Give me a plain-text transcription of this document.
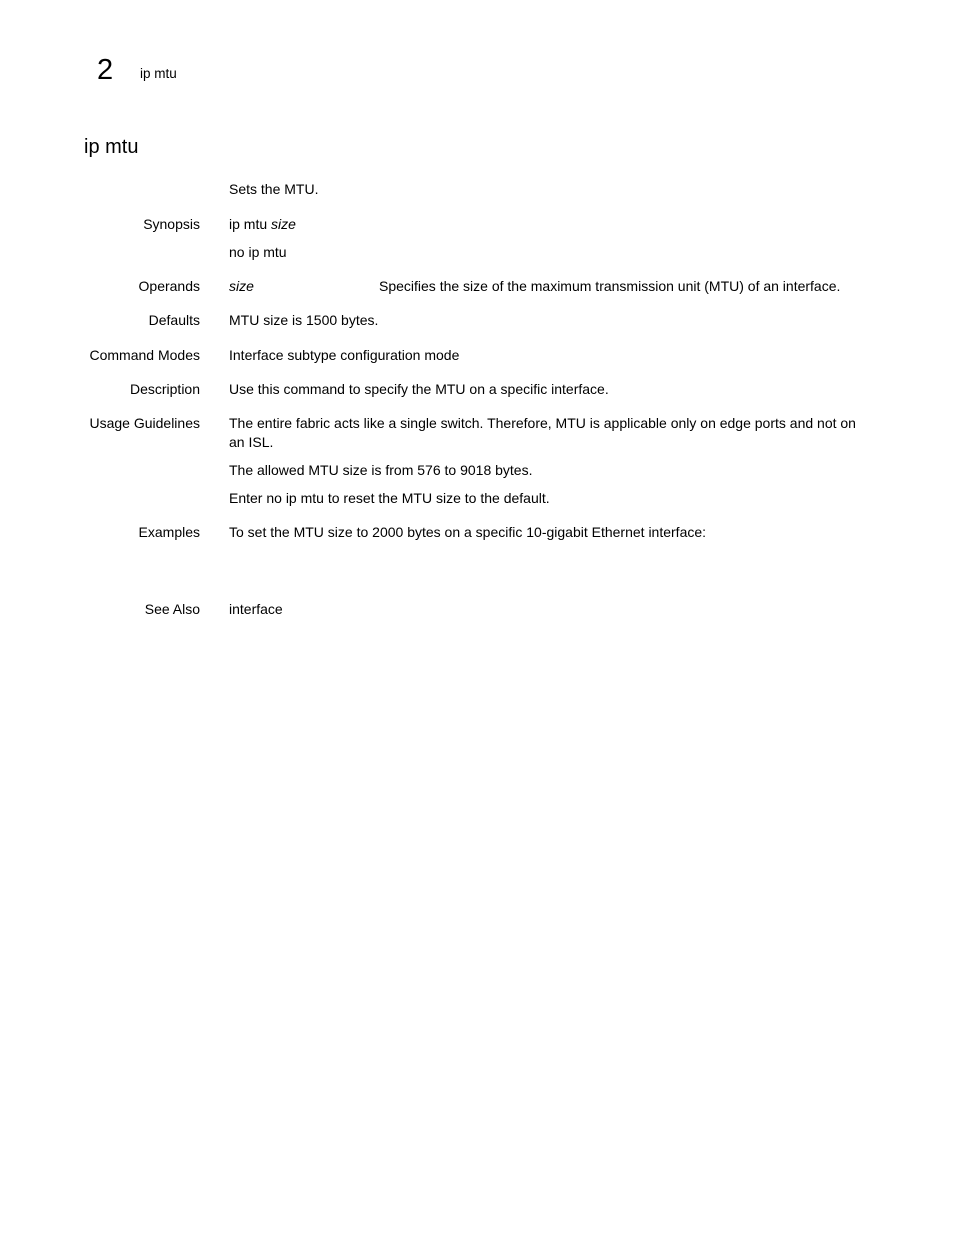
2 ip mtu
ip mtu
Sets the MTU.
Synopsis ip mtu size
no ip mtu
Operands size	Specifies the size of the maximum transmission unit (MTU) of an interface.
Defaults MTU size is 1500 bytes.
Command Modes Interface subtype configuration mode
Description Use this command to specify the MTU on a specific interface.
Usage Guidelines The entire fabric acts like a single switch. Therefore, MTU is applicable only on edge ports and not on an ISL.
The allowed MTU size is from 576 to 9018 bytes.
Enter no ip mtu to reset the MTU size to the default.
Examples To set the MTU size to 2000 bytes on a specific 10-gigabit Ethernet interface:
See Also interface
